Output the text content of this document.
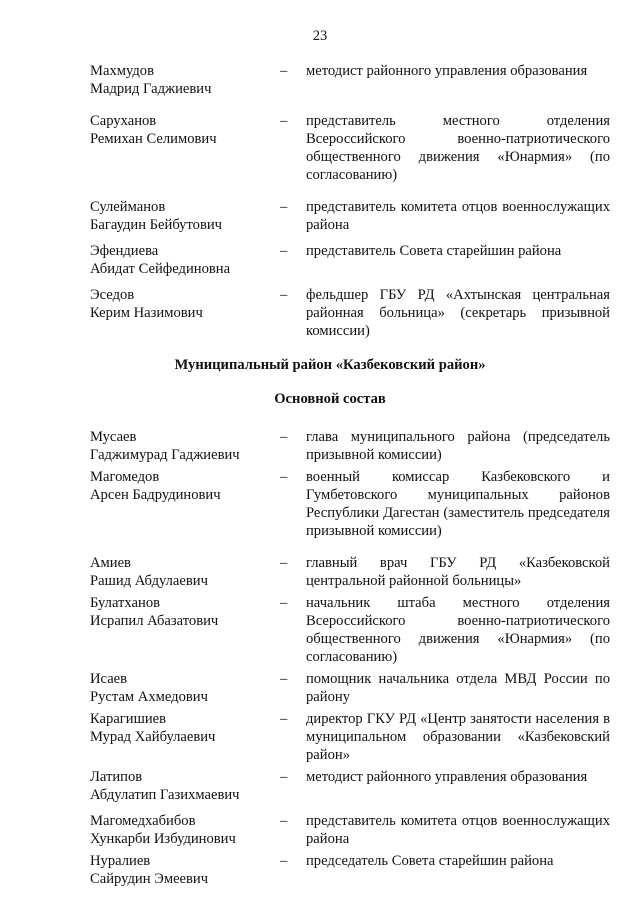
23
Махмудов
Мадрид Гаджиевич
–	методист районного управления образования
Саруханов
Ремихан Селимович
–	представитель местного отделения Всероссийского военно-патриотического общественного движения «Юнармия» (по согласованию)
Сулейманов
Багаудин Бейбутович
–	представитель комитета отцов военнослужащих района
Эфендиева
Абидат Сейфединовна
–	представитель Совета старейшин района
Эседов
Керим Назимович
–	фельдшер ГБУ РД «Ахтынская центральная районная больница» (секретарь призывной комиссии)
Муниципальный район «Казбековский район»
Основной состав
Мусаев
Гаджимурад Гаджиевич
–	глава муниципального района (председатель призывной комиссии)
Магомедов
Арсен Бадрудинович
–	военный комиссар Казбековского и Гумбетовского муниципальных районов Республики Дагестан (заместитель председателя призывной комиссии)
Амиев
Рашид Абдулаевич
–	главный врач ГБУ РД «Казбековской центральной районной больницы»
Булатханов
Исрапил Абазатович
–	начальник штаба местного отделения Всероссийского военно-патриотического общественного движения «Юнармия» (по согласованию)
Исаев
Рустам Ахмедович
–	помощник начальника отдела МВД России по району
Карагишиев
Мурад Хайбулаевич
–	директор ГКУ РД «Центр занятости населения в муниципальном образовании «Казбековский район»
Латипов
Абдулатип Газихмаевич
–	методист районного управления образования
Магомедхабибов
Хункарби Избудинович
–	представитель комитета отцов военнослужащих района
Нуралиев
Сайрудин Эмеевич
–	председатель Совета старейшин района
